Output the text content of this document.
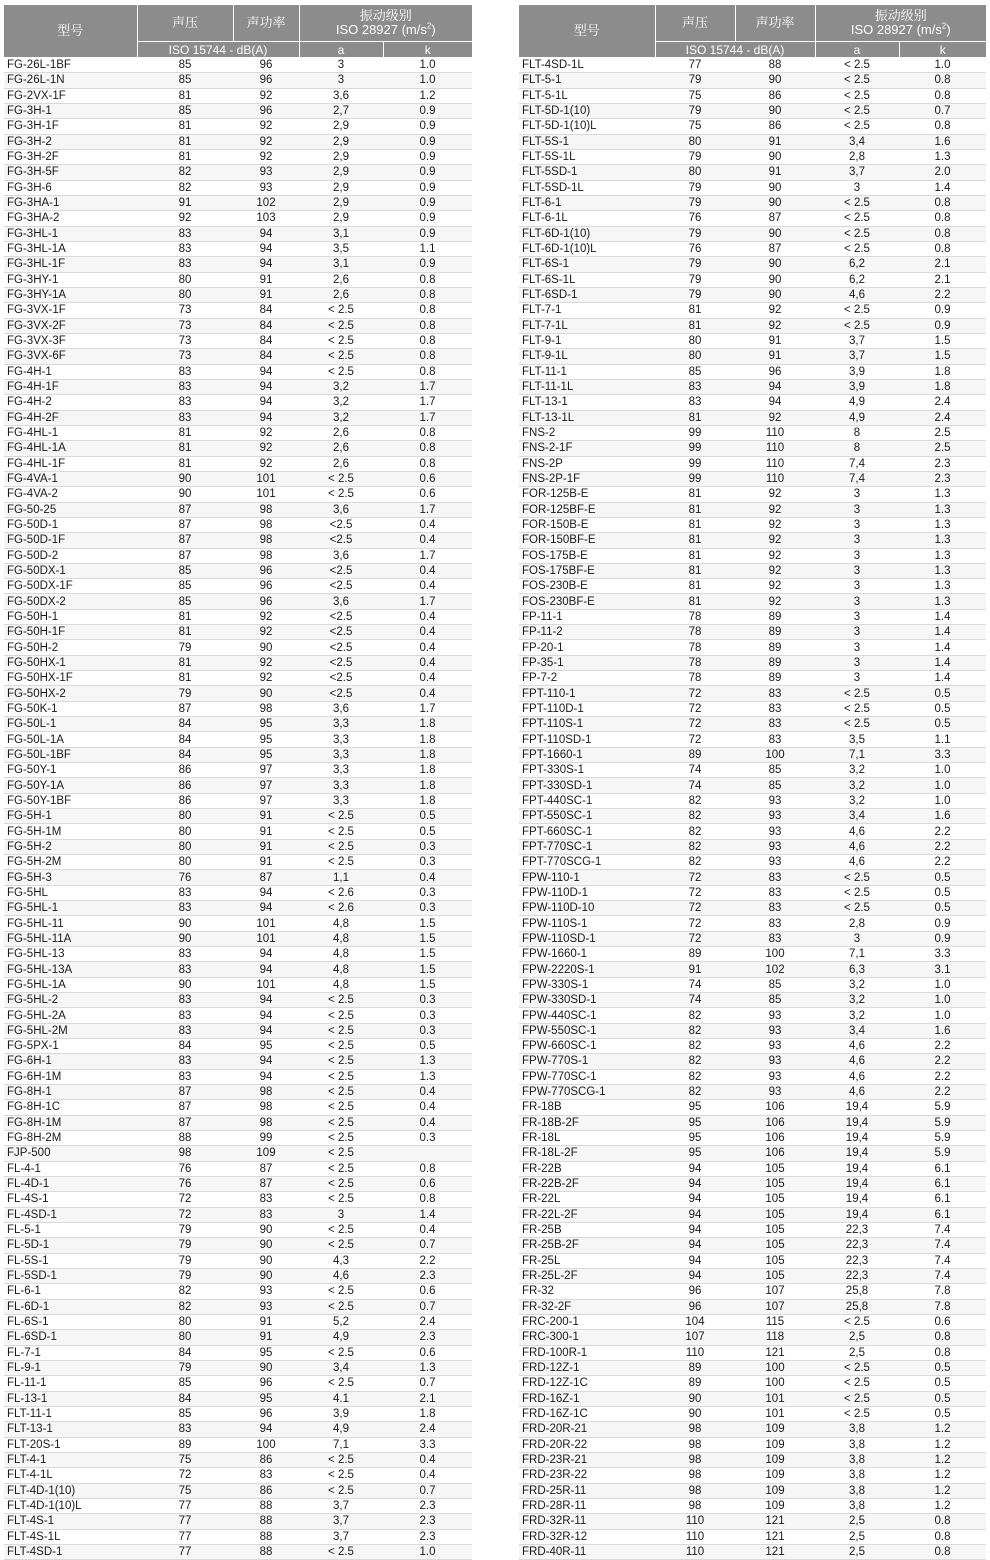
型号	声压	声功率	振动级别
ISO 28927 $(m/s^2)$	
	ISO 15744 - dB(A)		a	k
FG-26L-1BF	85	96	3	1.0
FG-26L-1N	85	96	3	1.0
FG-2VX-1F	81	92	3,6	1.2
FG-3H-1	85	96	2,7	0.9
FG-3H-1F	81	92	2,9	0.9
FG-3H-2	81	92	2,9	0.9
FG-3H-2F	81	92	2,9	0.9
FG-3H-5F	82	93	2,9	0.9
FG-3H-6	82	93	2,9	0.9
FG-3HA-1	91	102	2,9	0.9
FG-3HA-2	92	103	2,9	0.9
FG-3HL-1	83	94	3,1	0.9
FG-3HL-1A	83	94	3,5	1.1
FG-3HL-1F	83	94	3,1	0.9
FG-3HY-1	80	91	2,6	0.8
FG-3HY-1A	80	91	2,6	0.8
FG-3VX-1F	73	84	< 2.5	0.8
FG-3VX-2F	73	84	< 2.5	0.8
FG-3VX-3F	73	84	< 2.5	0.8
FG-3VX-6F	73	84	< 2.5	0.8
FG-4H-1	83	94	< 2.5	0.8
FG-4H-1F	83	94	3,2	1.7
FG-4H-2	83	94	3,2	1.7
FG-4H-2F	83	94	3,2	1.7
FG-4HL-1	81	92	2,6	0.8
FG-4HL-1A	81	92	2,6	0.8
FG-4HL-1F	81	92	2,6	0.8
FG-4VA-1	90	101	< 2.5	0.6
FG-4VA-2	90	101	< 2.5	0.6
FG-50-25	87	98	3,6	1.7
FG-50D-1	87	98	<2.5	0.4
FG-50D-1F	87	98	<2.5	0.4
FG-50D-2	87	98	3,6	1.7
FG-50DX-1	85	96	<2.5	0.4
FG-50DX-1F	85	96	<2.5	0.4
FG-50DX-2	85	96	3,6	1.7
FG-50H-1	81	92	<2.5	0.4
FG-50H-1F	81	92	<2.5	0.4
FG-50H-2	79	90	<2.5	0.4
FG-50HX-1	81	92	<2.5	0.4
FG-50HX-1F	81	92	<2.5	0.4
FG-50HX-2	79	90	<2.5	0.4
FG-50K-1	87	98	3,6	1.7
FG-50L-1	84	95	3,3	1.8
FG-50L-1A	84	95	3,3	1.8
FG-50L-1BF	84	95	3,3	1.8
FG-50Y-1	86	97	3,3	1.8
FG-50Y-1A	86	97	3,3	1.8
FG-50Y-1BF	86	97	3,3	1.8
FG-5H-1	80	91	< 2.5	0.5
FG-5H-1M	80	91	< 2.5	0.5
FG-5H-2	80	91	< 2.5	0.3
FG-5H-2M	80	91	< 2.5	0.3
FG-5H-3	76	87	1,1	0.4
FG-5HL	83	94	< 2.6	0.3
FG-5HL-1	83	94	< 2.6	0.3
FG-5HL-11	90	101	4,8	1.5
FG-5HL-11A	90	101	4,8	1.5
FG-5HL-13	83	94	4,8	1.5
FG-5HL-13A	83	94	4,8	1.5
FG-5HL-1A	90	101	4,8	1.5
FG-5HL-2	83	94	< 2.5	0.3
FG-5HL-2A	83	94	< 2.5	0.3
FG-5HL-2M	83	94	< 2.5	0.3
FG-5PX-1	84	95	< 2.5	0.5
FG-6H-1	83	94	< 2.5	1.3
FG-6H-1M	83	94	< 2.5	1.3
FG-8H-1	87	98	< 2.5	0.4
FG-8H-1C	87	98	< 2.5	0.4
FG-8H-1M	87	98	< 2.5	0.4
FG-8H-2M	88	99	< 2.5	0.3
FJP-500	98	109	< 2.5	
FL-4-1	76	87	< 2.5	0.8
FL-4D-1	76	87	< 2.5	0.6
FL-4S-1	72	83	< 2.5	0.8
FL-4SD-1	72	83	3	1.4
FL-5-1	79	90	< 2.5	0.4
FL-5D-1	79	90	< 2.5	0.7
FL-5S-1	79	90	4,3	2.2
FL-5SD-1	79	90	4,6	2.3
FL-6-1	82	93	< 2.5	0.6
FL-6D-1	82	93	< 2.5	0.7
FL-6S-1	80	91	5,2	2.4
FL-6SD-1	80	91	4,9	2.3
FL-7-1	84	95	< 2.5	0.6
FL-9-1	79	90	3,4	1.3
FL-11-1	85	96	< 2.5	0.7
FL-13-1	84	95	4.1	2.1
FLT-11-1	85	96	3,9	1.8
FLT-13-1	83	94	4,9	2.4
FLT-20S-1	89	100	7,1	3.3
FLT-4-1	75	86	< 2.5	0.4
FLT-4-1L	72	83	< 2.5	0.4
FLT-4D-1(10)	75	86	< 2.5	0.7
FLT-4D-1(10)L	77	88	3,7	2.3
FLT-4S-1	77	88	3,7	2.3
FLT-4S-1L	77	88	3,7	2.3
FLT-4SD-1	77	88	< 2.5	1.0
型号	声压	声功率	振动级别
ISO 28927 $(m/s^2)$	
	ISO 15744 - dB(A)		a	k
FLT-4SD-1L	77	88	< 2.5	1.0
FLT-5-1	79	90	< 2.5	0.8
FLT-5-1L	75	86	< 2.5	0.8
FLT-5D-1(10)	79	90	< 2.5	0.7
FLT-5D-1(10)L	75	86	< 2.5	0.8
FLT-5S-1	80	91	3,4	1.6
FLT-5S-1L	79	90	2,8	1.3
FLT-5SD-1	80	91	3,7	2.0
FLT-5SD-1L	79	90	3	1.4
FLT-6-1	79	90	< 2.5	0.8
FLT-6-1L	76	87	< 2.5	0.8
FLT-6D-1(10)	79	90	< 2.5	0.8
FLT-6D-1(10)L	76	87	< 2.5	0.8
FLT-6S-1	79	90	6,2	2.1
FLT-6S-1L	79	90	6,2	2.1
FLT-6SD-1	79	90	4,6	2.2
FLT-7-1	81	92	< 2.5	0.9
FLT-7-1L	81	92	< 2.5	0.9
FLT-9-1	80	91	3,7	1.5
FLT-9-1L	80	91	3,7	1.5
FLT-11-1	85	96	3,9	1.8
FLT-11-1L	83	94	3,9	1.8
FLT-13-1	83	94	4,9	2.4
FLT-13-1L	81	92	4,9	2.4
FNS-2	99	110	8	2.5
FNS-2-1F	99	110	8	2.5
FNS-2P	99	110	7,4	2.3
FNS-2P-1F	99	110	7,4	2.3
FOR-125B-E	81	92	3	1.3
FOR-125BF-E	81	92	3	1.3
FOR-150B-E	81	92	3	1.3
FOR-150BF-E	81	92	3	1.3
FOS-175B-E	81	92	3	1.3
FOS-175BF-E	81	92	3	1.3
FOS-230B-E	81	92	3	1.3
FOS-230BF-E	81	92	3	1.3
FP-11-1	78	89	3	1.4
FP-11-2	78	89	3	1.4
FP-20-1	78	89	3	1.4
FP-35-1	78	89	3	1.4
FP-7-2	78	89	3	1.4
FPT-110-1	72	83	< 2.5	0.5
FPT-110D-1	72	83	< 2.5	0.5
FPT-110S-1	72	83	< 2.5	0.5
FPT-110SD-1	72	83	3,5	1.1
FPT-1660-1	89	100	7,1	3.3
FPT-330S-1	74	85	3,2	1.0
FPT-330SD-1	74	85	3,2	1.0
FPT-440SC-1	82	93	3,2	1.0
FPT-550SC-1	82	93	3,4	1.6
FPT-660SC-1	82	93	4,6	2.2
FPT-770SC-1	82	93	4,6	2.2
FPT-770SCG-1	82	93	4,6	2.2
FPW-110-1	72	83	< 2.5	0.5
FPW-110D-1	72	83	< 2.5	0.5
FPW-110D-10	72	83	< 2.5	0.5
FPW-110S-1	72	83	2,8	0.9
FPW-110SD-1	72	83	3	0.9
FPW-1660-1	89	100	7,1	3.3
FPW-2220S-1	91	102	6,3	3.1
FPW-330S-1	74	85	3,2	1.0
FPW-330SD-1	74	85	3,2	1.0
FPW-440SC-1	82	93	3,2	1.0
FPW-550SC-1	82	93	3,4	1.6
FPW-660SC-1	82	93	4,6	2.2
FPW-770S-1	82	93	4,6	2.2
FPW-770SC-1	82	93	4,6	2.2
FPW-770SCG-1	82	93	4,6	2.2
FR-18B	95	106	19,4	5.9
FR-18B-2F	95	106	19,4	5.9
FR-18L	95	106	19,4	5.9
FR-18L-2F	95	106	19,4	5.9
FR-22B	94	105	19,4	6.1
FR-22B-2F	94	105	19,4	6.1
FR-22L	94	105	19,4	6.1
FR-22L-2F	94	105	19,4	6.1
FR-25B	94	105	22,3	7.4
FR-25B-2F	94	105	22,3	7.4
FR-25L	94	105	22,3	7.4
FR-25L-2F	94	105	22,3	7.4
FR-32	96	107	25,8	7.8
FR-32-2F	96	107	25,8	7.8
FRC-200-1	104	115	< 2.5	0.6
FRC-300-1	107	118	2,5	0.8
FRD-100R-1	110	121	2,5	0.8
FRD-12Z-1	89	100	< 2.5	0.5
FRD-12Z-1C	89	100	< 2.5	0.5
FRD-16Z-1	90	101	< 2.5	0.5
FRD-16Z-1C	90	101	< 2.5	0.5
FRD-20R-21	98	109	3,8	1.2
FRD-20R-22	98	109	3,8	1.2
FRD-23R-21	98	109	3,8	1.2
FRD-23R-22	98	109	3,8	1.2
FRD-25R-11	98	109	3,8	1.2
FRD-28R-11	98	109	3,8	1.2
FRD-32R-11	110	121	2,5	0.8
FRD-32R-12	110	121	2,5	0.8
FRD-40R-11	110	121	2,5	0.8
